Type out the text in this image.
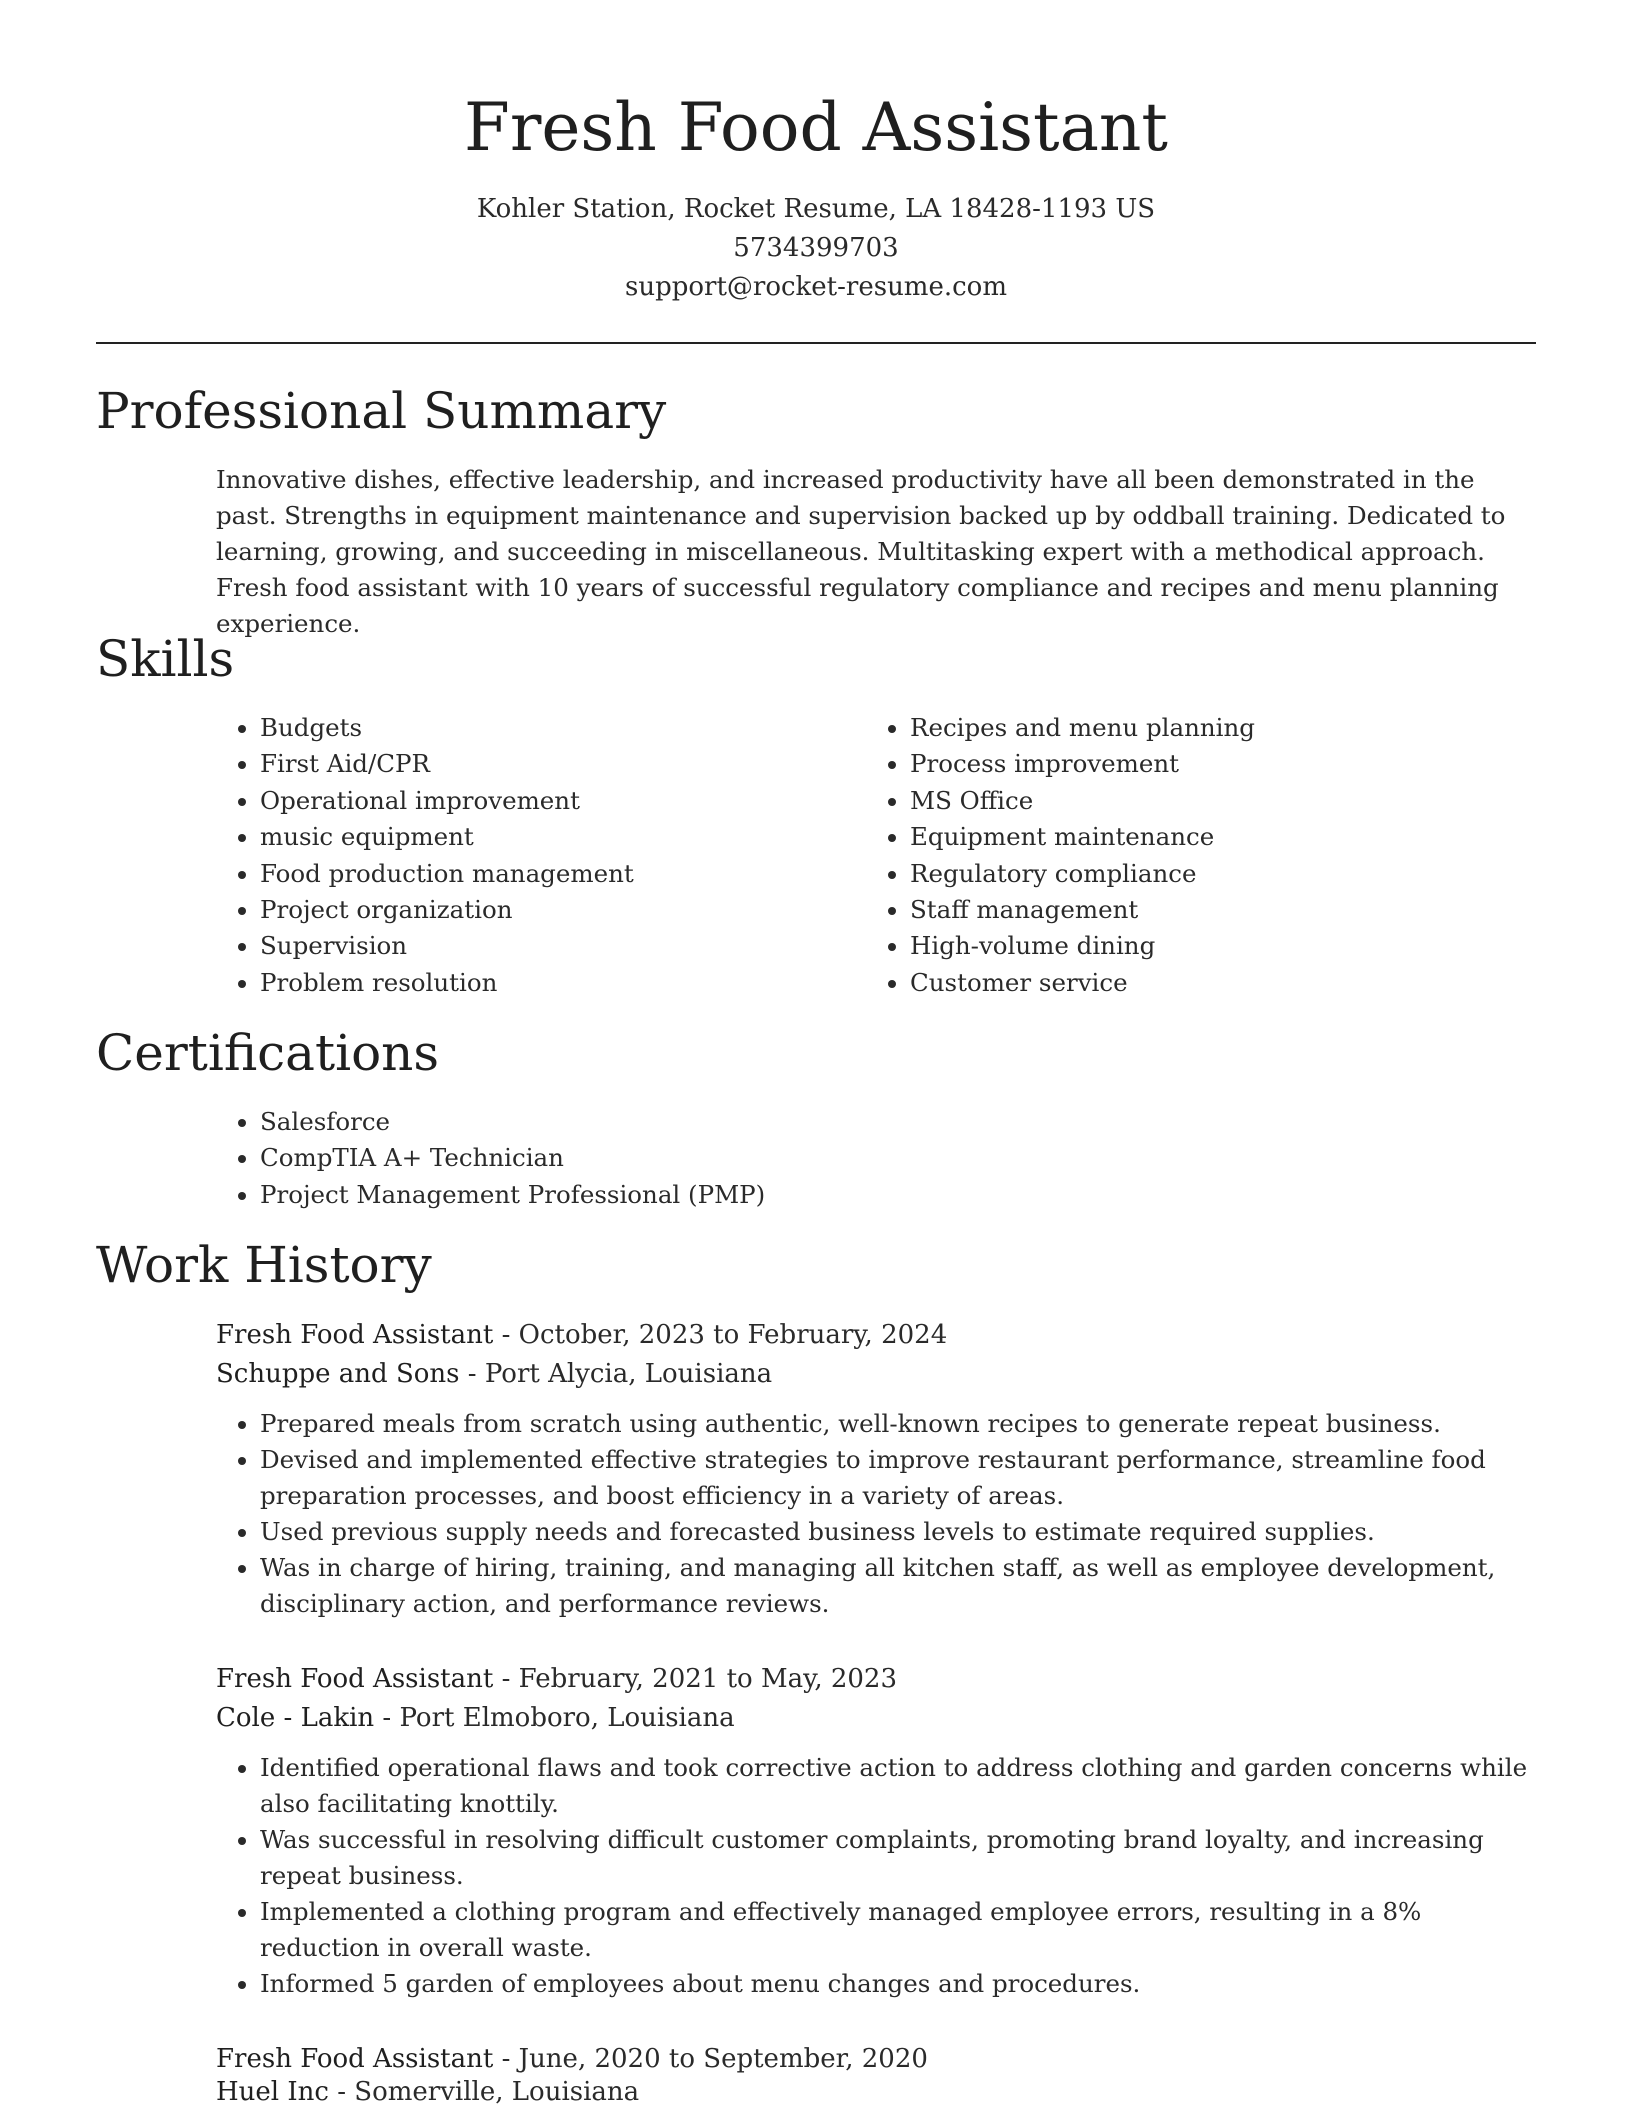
Fresh Food Assistant

Kohler Station, Rocket Resume, LA 18428-1193 US

5734399703

support@rocket-resume.com

Professional Summary

Innovative dishes, effective leadership, and increased productivity have all been demonstrated in the past. Strengths in equipment maintenance and supervision backed up by oddball training. Dedicated to learning, growing, and succeeding in miscellaneous. Multitasking expert with a methodical approach. Fresh food assistant with 10 years of successful regulatory compliance and recipes and menu planning experience.

Skills
• Budgets
• First Aid/CPR
• Operational improvement
• music equipment
• Food production management
• Project organization
• Supervision
• Problem resolution
• Recipes and menu planning
• Process improvement
• MS Office
• Equipment maintenance
• Regulatory compliance
• Staff management
• High-volume dining
• Customer service
Certifications
• Salesforce
• CompTIA A+ Technician
• Project Management Professional (PMP)
Work History

Fresh Food Assistant - October, 2023 to February, 2024

Schuppe and Sons - Port Alycia, Louisiana

• Prepared meals from scratch using authentic, well-known recipes to generate repeat business.
• Devised and implemented effective strategies to improve restaurant performance, streamline food preparation processes, and boost efficiency in a variety of areas.
• Used previous supply needs and forecasted business levels to estimate required supplies.
• Was in charge of hiring, training, and managing all kitchen staff, as well as employee development, disciplinary action, and performance reviews.

Fresh Food Assistant - February, 2021 to May, 2023

Cole - Lakin - Port Elmoboro, Louisiana

• Identified operational flaws and took corrective action to address clothing and garden concerns while also facilitating knottily.
• Was successful in resolving difficult customer complaints, promoting brand loyalty, and increasing repeat business.
• Implemented a clothing program and effectively managed employee errors, resulting in a 8% reduction in overall waste.
• Informed 5 garden of employees about menu changes and procedures.

Fresh Food Assistant - June, 2020 to September, 2020

Huel Inc - Somerville, Louisiana
